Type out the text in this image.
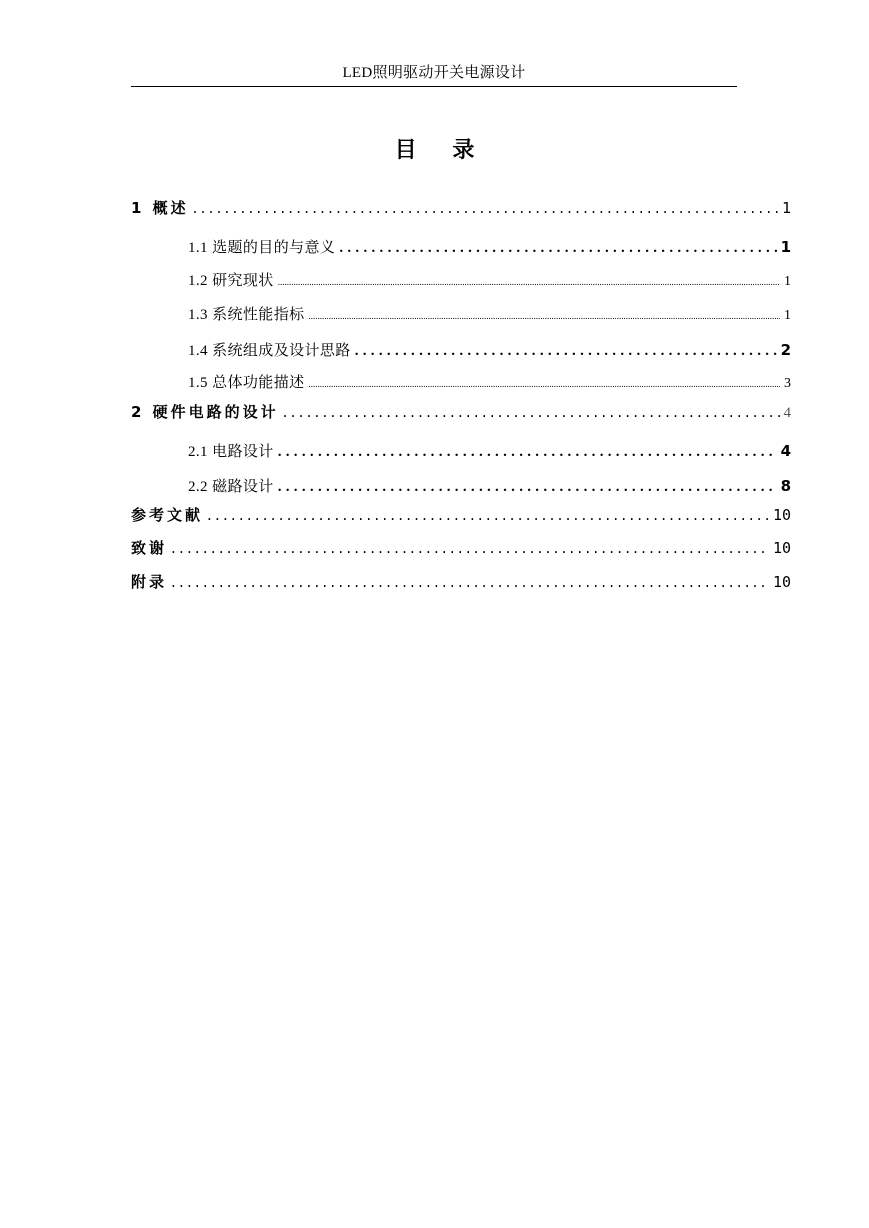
LED照明驱动开关电源设计
目 录
1 概述 .....	1
1.1 选题的目的与意义 .....	1
1.2 研究现状 .....	1
1.3 系统性能指标 .....	1
1.4 系统组成及设计思路 .....	2
1.5 总体功能描述 .....	3
2 硬件电路的设计 .....	4
2.1 电路设计 .....	4
2.2 磁路设计 .....	8
参考文献 .....	10
致谢 .....	10
附录 .....	10
